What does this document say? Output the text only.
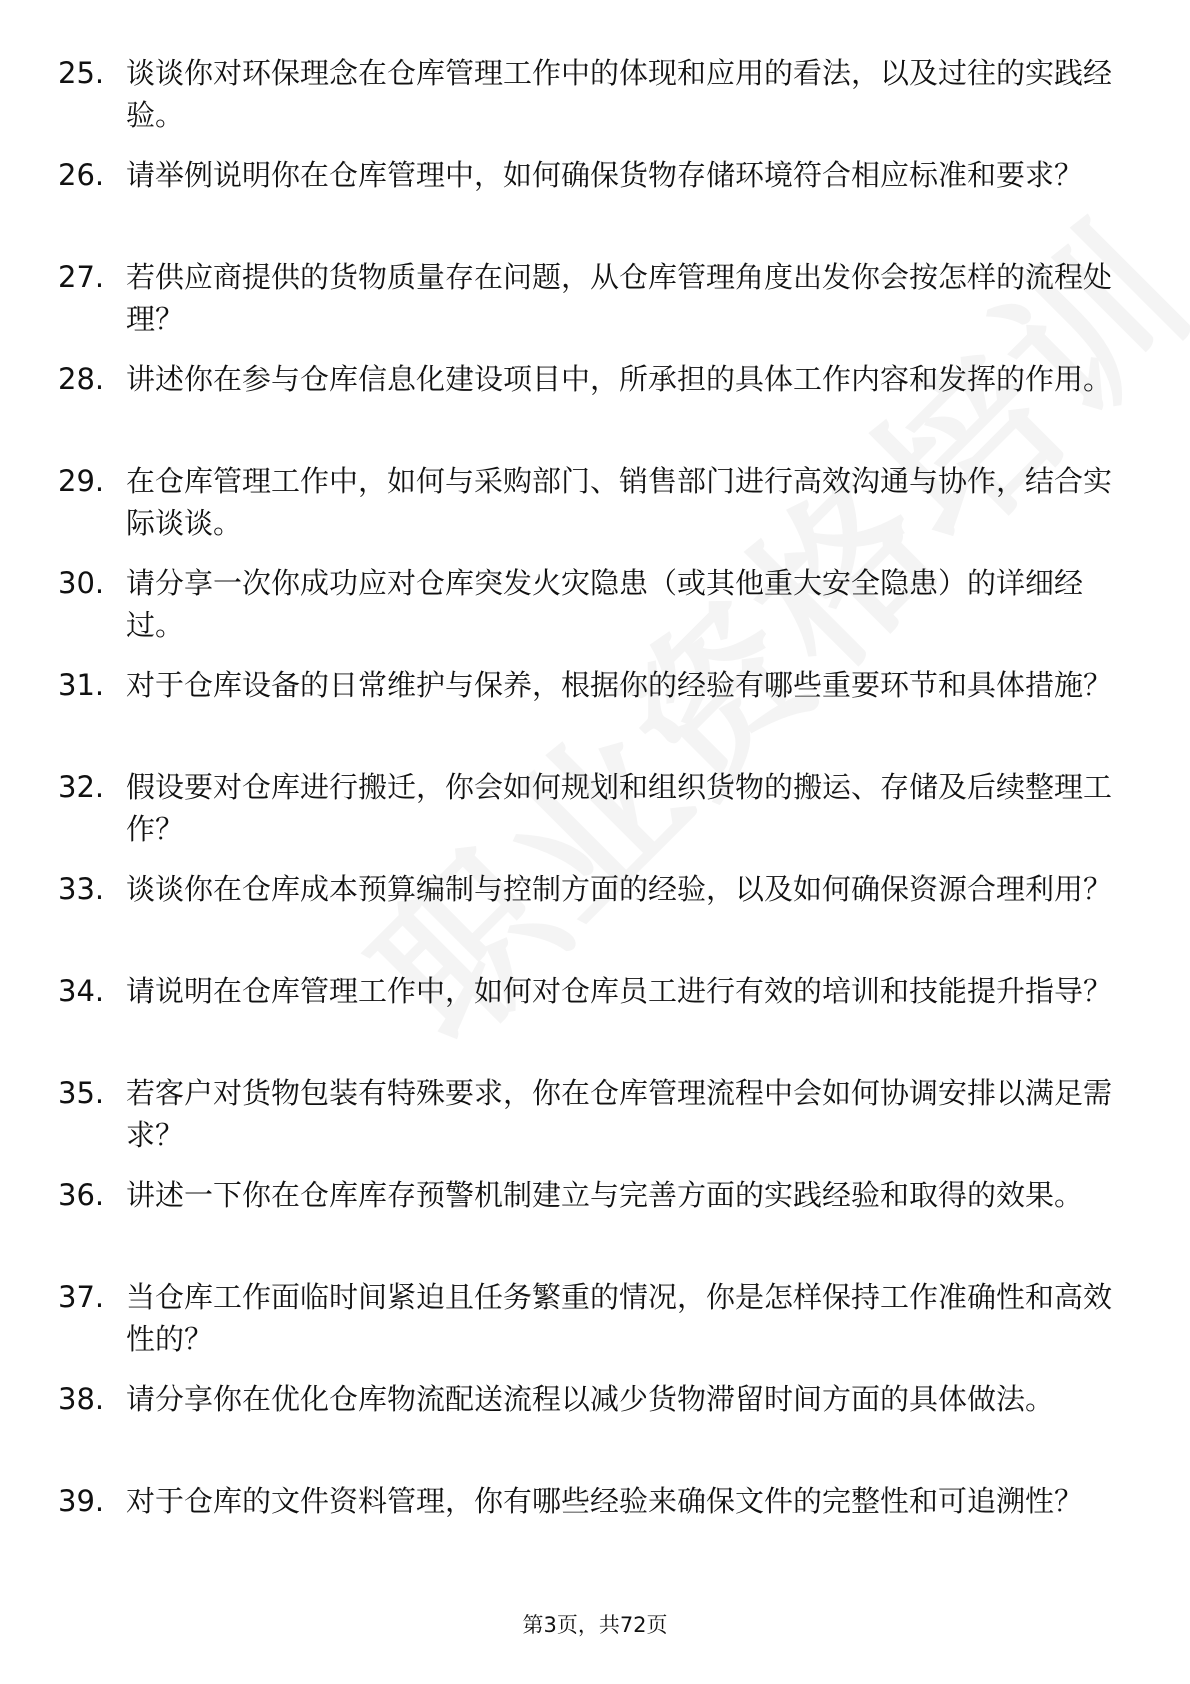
25. 谈谈你对环保理念在仓库管理工作中的体现和应用的看法，以及过往的实践经验。
26. 请举例说明你在仓库管理中，如何确保货物存储环境符合相应标准和要求？
27. 若供应商提供的货物质量存在问题，从仓库管理角度出发你会按怎样的流程处理？
28. 讲述你在参与仓库信息化建设项目中，所承担的具体工作内容和发挥的作用。
29. 在仓库管理工作中，如何与采购部门、销售部门进行高效沟通与协作，结合实际谈谈。
30. 请分享一次你成功应对仓库突发火灾隐患（或其他重大安全隐患）的详细经过。
31. 对于仓库设备的日常维护与保养，根据你的经验有哪些重要环节和具体措施？
32. 假设要对仓库进行搬迁，你会如何规划和组织货物的搬运、存储及后续整理工作？
33. 谈谈你在仓库成本预算编制与控制方面的经验，以及如何确保资源合理利用？
34. 请说明在仓库管理工作中，如何对仓库员工进行有效的培训和技能提升指导？
35. 若客户对货物包装有特殊要求，你在仓库管理流程中会如何协调安排以满足需求？
36. 讲述一下你在仓库库存预警机制建立与完善方面的实践经验和取得的效果。
37. 当仓库工作面临时间紧迫且任务繁重的情况，你是怎样保持工作准确性和高效性的？
38. 请分享你在优化仓库物流配送流程以减少货物滞留时间方面的具体做法。
39. 对于仓库的文件资料管理，你有哪些经验来确保文件的完整性和可追溯性？
第3页，共72页
